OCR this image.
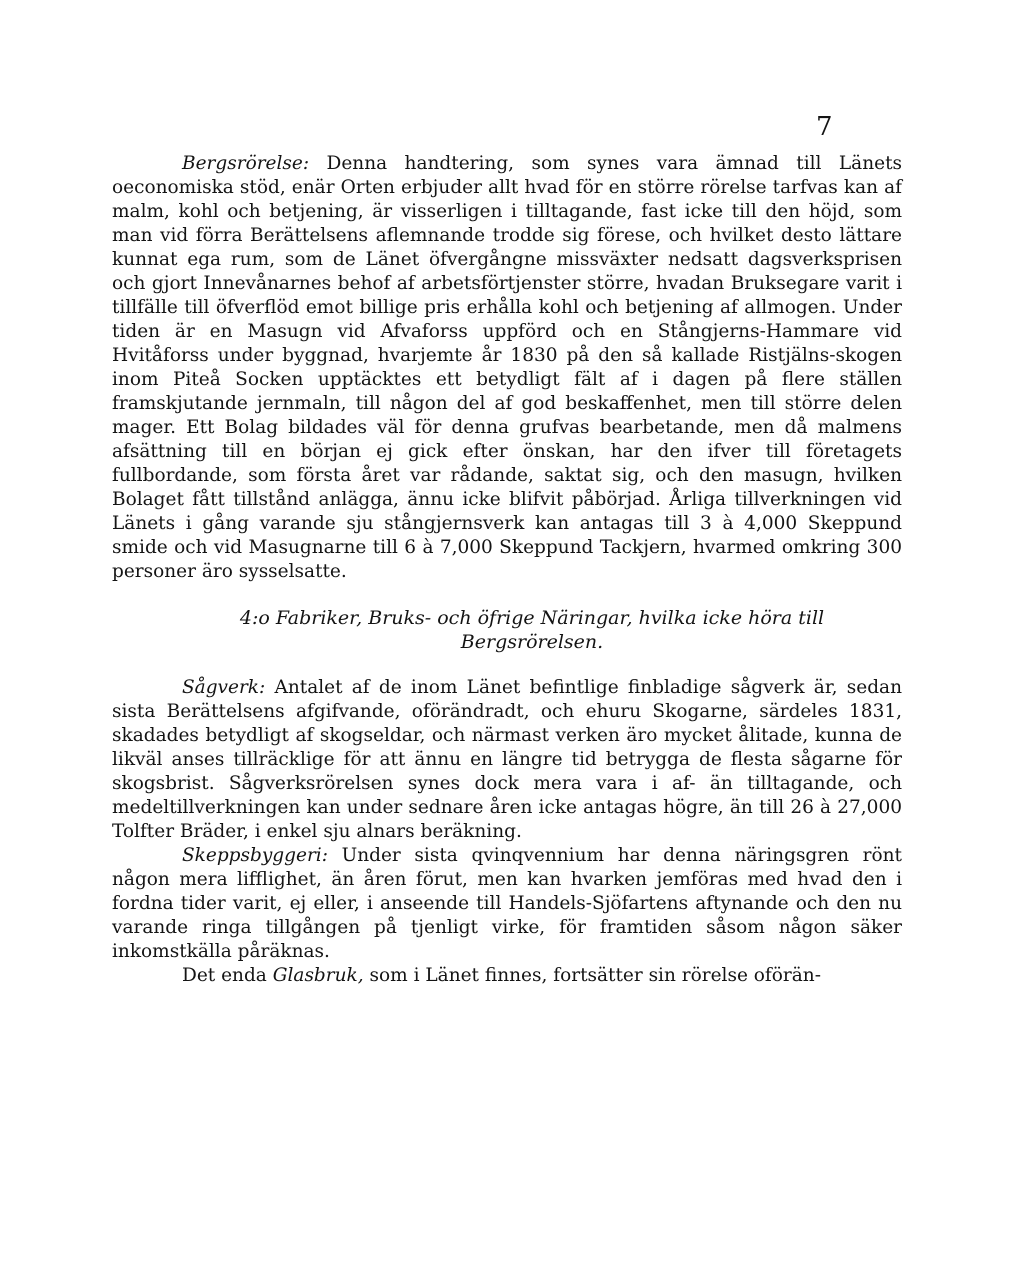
7

Bergsrörelse: Denna handtering, som synes vara ämnad till Länets oeconomiska stöd, enär Orten erbjuder allt hvad för en större rörelse tarfvas kan af malm, kohl och betjening, är visserligen i tilltagande, fast icke till den höjd, som man vid förra Berättelsens aflemnande trodde sig förese, och hvilket desto lättare kunnat ega rum, som de Länet öfvergångne missväxter nedsatt dagsverksprisen och gjort Innevånarnes behof af arbetsförtjenster större, hvadan Bruksegare varit i tillfälle till öfverflöd emot billige pris erhålla kohl och betjening af allmogen. Under tiden är en Masugn vid Afvaforss uppförd och en Stångjerns-Hammare vid Hvitåforss under byggnad, hvarjemte år 1830 på den så kallade Ristjälns-skogen inom Piteå Socken upptäcktes ett betydligt fält af i dagen på flere ställen framskjutande jernmaln, till någon del af god beskaffenhet, men till större delen mager. Ett Bolag bildades väl för denna grufvas bearbetande, men då malmens afsättning till en början ej gick efter önskan, har den ifver till företagets fullbordande, som första året var rådande, saktat sig, och den masugn, hvilken Bolaget fått tillstånd anlägga, ännu icke blifvit påbörjad. Årliga tillverkningen vid Länets i gång varande sju stångjernsverk kan antagas till 3 à 4,000 Skeppund smide och vid Masugnarne till 6 à 7,000 Skeppund Tackjern, hvarmed omkring 300 personer äro sysselsatte.

4:o Fabriker, Bruks- och öfrige Näringar, hvilka icke höra till Bergsrörelsen.

Sågverk: Antalet af de inom Länet befintlige finbladige sågverk är, sedan sista Berättelsens afgifvande, oförändradt, och ehuru Skogarne, särdeles 1831, skadades betydligt af skogseldar, och närmast verken äro mycket ålitade, kunna de likväl anses tillräcklige för att ännu en längre tid betrygga de flesta sågarne för skogsbrist. Sågverksrörelsen synes dock mera vara i af- än tilltagande, och medeltillverkningen kan under sednare åren icke antagas högre, än till 26 à 27,000 Tolfter Bräder, i enkel sju alnars beräkning.

Skeppsbyggeri: Under sista qvinqvennium har denna näringsgren rönt någon mera lifflighet, än åren förut, men kan hvarken jemföras med hvad den i fordna tider varit, ej eller, i anseende till Handels-Sjöfartens aftynande och den nu varande ringa tillgången på tjenligt virke, för framtiden såsom någon säker inkomstkälla påräknas.

Det enda Glasbruk, som i Länet finnes, fortsätter sin rörelse oförän-
